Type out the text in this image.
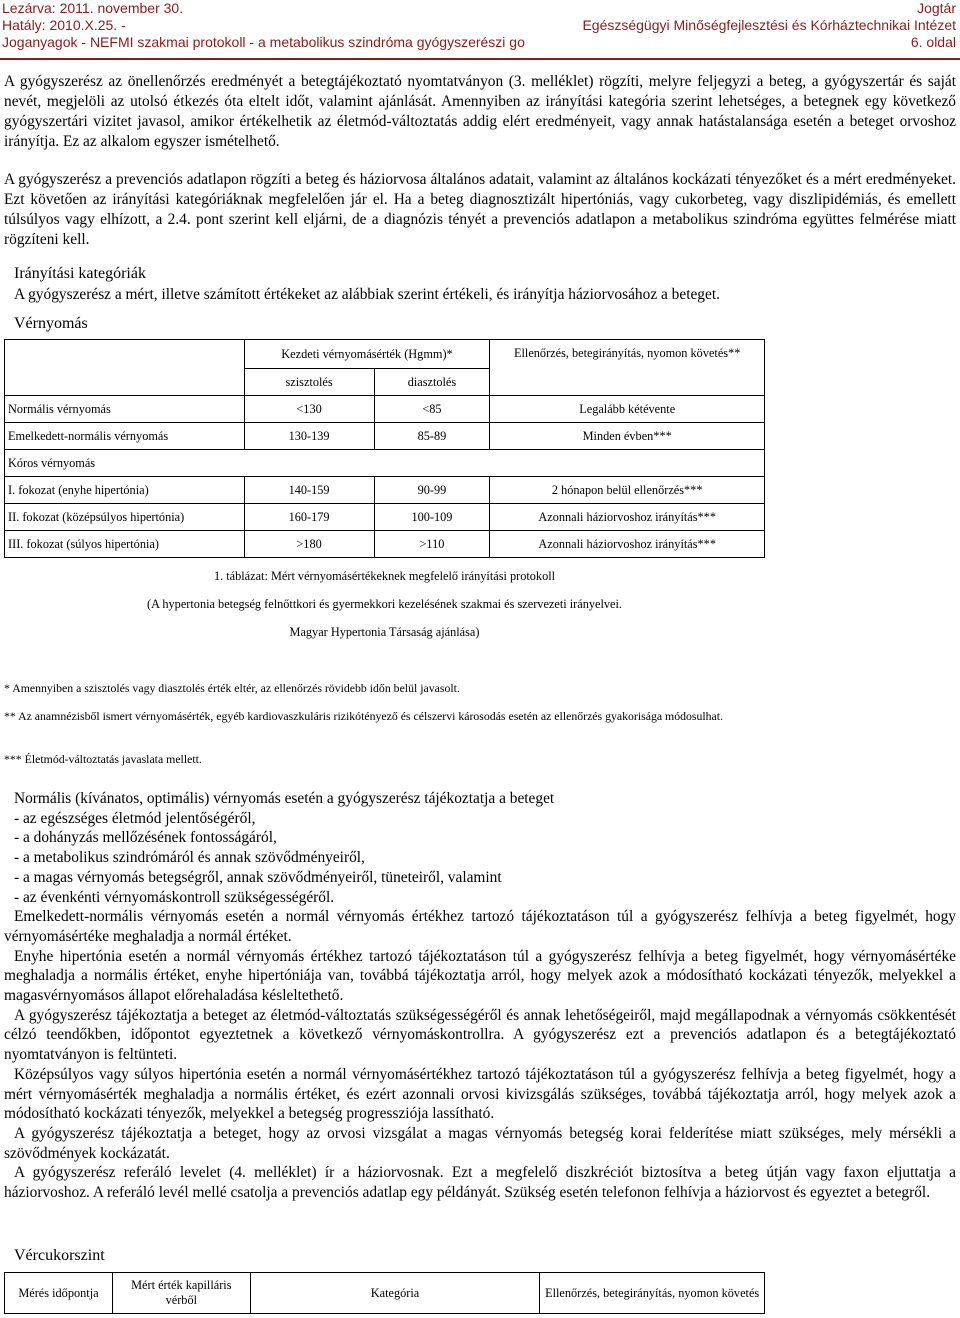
Lezárva: 2011. november 30.
Hatály: 2010.X.25. -
Joganyagok - NEFMI szakmai protokoll - a metabolikus szindróma gyógyszerészi go
Jogtár
Egészségügyi Minőségfejlesztési és Kórháztechnikai Intézet
6. oldal
A gyógyszerész az önellenőrzés eredményét a betegtájékoztató nyomtatványon (3. melléklet) rögzíti, melyre feljegyzi a beteg, a gyógyszertár és saját nevét, megjelöli az utolsó étkezés óta eltelt időt, valamint ajánlását. Amennyiben az irányítási kategória szerint lehetséges, a betegnek egy következő gyógyszertári vizitet javasol, amikor értékelhetik az életmód-változtatás addig elért eredményeit, vagy annak hatástalansága esetén a beteget orvoshoz irányítja. Ez az alkalom egyszer ismételhető.
A gyógyszerész a prevenciós adatlapon rögzíti a beteg és háziorvosa általános adatait, valamint az általános kockázati tényezőket és a mért eredményeket. Ezt követően az irányítási kategóriáknak megfelelően jár el. Ha a beteg diagnosztizált hipertóniás, vagy cukorbeteg, vagy diszlipidémiás, és emellett túlsúlyos vagy elhízott, a 2.4. pont szerint kell eljárni, de a diagnózis tényét a prevenciós adatlapon a metabolikus szindróma együttes felmérése miatt rögzíteni kell.
Irányítási kategóriák
A gyógyszerész a mért, illetve számított értékeket az alábbiak szerint értékeli, és irányítja háziorvosához a beteget.
Vérnyomás
	Kezdeti vérnyomásérték (Hgmm)*		Ellenőrzés, betegirányítás, nyomon követés**
	szisztolés	diasztolés	
Normális vérnyomás	<130	<85	Legalább kétévente
Emelkedett-normális vérnyomás	130-139	85-89	Minden évben***
Kóros vérnyomás			
I. fokozat (enyhe hipertónia)	140-159	90-99	2 hónapon belül ellenőrzés***
II. fokozat (középsúlyos hipertónia)	160-179	100-109	Azonnali háziorvoshoz irányítás***
III. fokozat (súlyos hipertónia)	>180	>110	Azonnali háziorvoshoz irányítás***
1. táblázat: Mért vérnyomásértékeknek megfelelő irányítási protokoll
(A hypertonia betegség felnőttkori és gyermekkori kezelésének szakmai és szervezeti irányelvei.
Magyar Hypertonia Társaság ajánlása)
* Amennyiben a szisztolés vagy diasztolés érték eltér, az ellenőrzés rövidebb időn belül javasolt.
** Az anamnézisből ismert vérnyomásérték, egyéb kardiovaszkuláris rizikótényező és célszervi károsodás esetén az ellenőrzés gyakorisága módosulhat.
*** Életmód-változtatás javaslata mellett.
Normális (kívánatos, optimális) vérnyomás esetén a gyógyszerész tájékoztatja a beteget
- az egészséges életmód jelentőségéről,
- a dohányzás mellőzésének fontosságáról,
- a metabolikus szindrómáról és annak szövődményeiről,
- a magas vérnyomás betegségről, annak szövődményeiről, tüneteiről, valamint
- az évenkénti vérnyomáskontroll szükségességéről.
Emelkedett-normális vérnyomás esetén a normál vérnyomás értékhez tartozó tájékoztatáson túl a gyógyszerész felhívja a beteg figyelmét, hogy vérnyomásértéke meghaladja a normál értéket.
Enyhe hipertónia esetén a normál vérnyomás értékhez tartozó tájékoztatáson túl a gyógyszerész felhívja a beteg figyelmét, hogy vérnyomásértéke meghaladja a normális értéket, enyhe hipertóniája van, továbbá tájékoztatja arról, hogy melyek azok a módosítható kockázati tényezők, melyekkel a magasvérnyomásos állapot előrehaladása késleltethető.
A gyógyszerész tájékoztatja a beteget az életmód-változtatás szükségességéről és annak lehetőségeiről, majd megállapodnak a vérnyomás csökkentését célzó teendőkben, időpontot egyeztetnek a következő vérnyomáskontrollra. A gyógyszerész ezt a prevenciós adatlapon és a betegtájékoztató nyomtatványon is feltünteti.
Középsúlyos vagy súlyos hipertónia esetén a normál vérnyomásértékhez tartozó tájékoztatáson túl a gyógyszerész felhívja a beteg figyelmét, hogy a mért vérnyomásérték meghaladja a normális értéket, és ezért azonnali orvosi kivizsgálás szükséges, továbbá tájékoztatja arról, hogy melyek azok a módosítható kockázati tényezők, melyekkel a betegség progressziója lassítható.
A gyógyszerész tájékoztatja a beteget, hogy az orvosi vizsgálat a magas vérnyomás betegség korai felderítése miatt szükséges, mely mérsékli a szövődmények kockázatát.
A gyógyszerész referáló levelet (4. melléklet) ír a háziorvosnak. Ezt a megfelelő diszkréciót biztosítva a beteg útján vagy faxon eljuttatja a háziorvoshoz. A referáló levél mellé csatolja a prevenciós adatlap egy példányát. Szükség esetén telefonon felhívja a háziorvost és egyeztet a betegről.
Vércukorszint
Mérés időpontja	Mért érték kapilláris vérből	Kategória	Ellenőrzés, betegirányítás, nyomon követés
